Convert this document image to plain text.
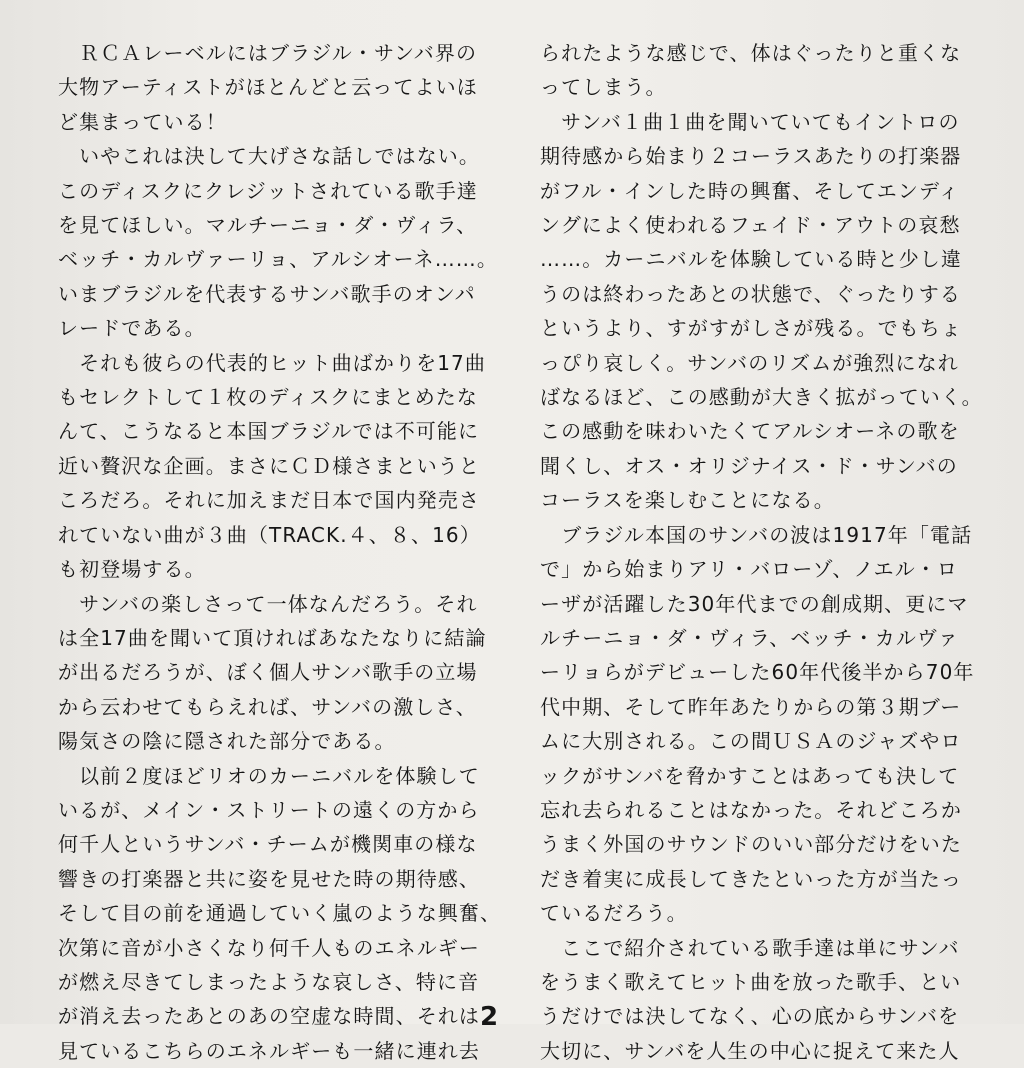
　ＲＣＡレーベルにはブラジル・サンバ界の

大物アーティストがほとんどと云ってよいほ

ど集まっている！

　いやこれは決して大げさな話しではない。

このディスクにクレジットされている歌手達

を見てほしい。マルチーニョ・ダ・ヴィラ、

ベッチ・カルヴァーリョ、アルシオーネ……。

いまブラジルを代表するサンバ歌手のオンパ

レードである。

　それも彼らの代表的ヒット曲ばかりを17曲

もセレクトして１枚のディスクにまとめたな

んて、こうなると本国ブラジルでは不可能に

近い贅沢な企画。まさにＣＤ様さまというと

ころだろ。それに加えまだ日本で国内発売さ

れていない曲が３曲（TRACK.４、８、16）

も初登場する。

　サンバの楽しさって一体なんだろう。それ

は全17曲を聞いて頂ければあなたなりに結論

が出るだろうが、ぼく個人サンバ歌手の立場

から云わせてもらえれば、サンバの激しさ、

陽気さの陰に隠された部分である。

　以前２度ほどリオのカーニバルを体験して

いるが、メイン・ストリートの遠くの方から

何千人というサンバ・チームが機関車の様な

響きの打楽器と共に姿を見せた時の期待感、

そして目の前を通過していく嵐のような興奮、

次第に音が小さくなり何千人ものエネルギー

が燃え尽きてしまったような哀しさ、特に音

が消え去ったあとのあの空虚な時間、それは

見ているこちらのエネルギーも一緒に連れ去

られたような感じで、体はぐったりと重くな

ってしまう。

　サンバ１曲１曲を聞いていてもイントロの

期待感から始まり２コーラスあたりの打楽器

がフル・インした時の興奮、そしてエンディ

ングによく使われるフェイド・アウトの哀愁

……。カーニバルを体験している時と少し違

うのは終わったあとの状態で、ぐったりする

というより、すがすがしさが残る。でもちょ

っぴり哀しく。サンバのリズムが強烈になれ

ばなるほど、この感動が大きく拡がっていく。

この感動を味わいたくてアルシオーネの歌を

聞くし、オス・オリジナイス・ド・サンバの

コーラスを楽しむことになる。

　ブラジル本国のサンバの波は1917年「電話

で」から始まりアリ・バローゾ、ノエル・ロ

ーザが活躍した30年代までの創成期、更にマ

ルチーニョ・ダ・ヴィラ、ベッチ・カルヴァ

ーリョらがデビューした60年代後半から70年

代中期、そして昨年あたりからの第３期ブー

ムに大別される。この間ＵＳＡのジャズやロ

ックがサンバを脅かすことはあっても決して

忘れ去られることはなかった。それどころか

うまく外国のサウンドのいい部分だけをいた

だき着実に成長してきたといった方が当たっ

ているだろう。

　ここで紹介されている歌手達は単にサンバ

をうまく歌えてヒット曲を放った歌手、とい

うだけでは決してなく、心の底からサンバを

大切に、サンバを人生の中心に捉えて来た人

2
